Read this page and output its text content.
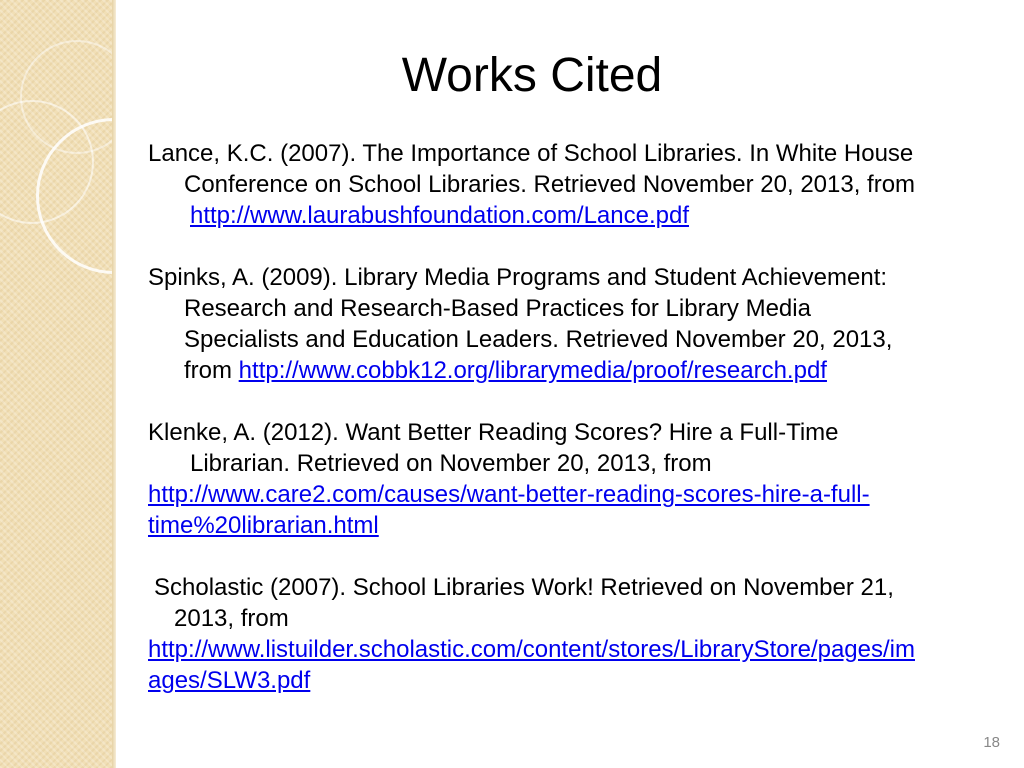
Works Cited

Lance, K.C. (2007). The Importance of School Libraries. In White House
Conference on School Libraries. Retrieved November 20, 2013, from
http://www.laurabushfoundation.com/Lance.pdf

Spinks, A. (2009). Library Media Programs and Student Achievement:
Research and Research-Based Practices for Library Media
Specialists and Education Leaders. Retrieved November 20, 2013,
from http://www.cobbk12.org/librarymedia/proof/research.pdf

Klenke, A. (2012). Want Better Reading Scores? Hire a Full-Time
Librarian. Retrieved on November 20, 2013, from
http://www.care2.com/causes/want-better-reading-scores-hire-a-full-
time%20librarian.html

Scholastic (2007). School Libraries Work! Retrieved on November 21,
2013, from
http://www.listuilder.scholastic.com/content/stores/LibraryStore/pages/im
ages/SLW3.pdf

18
